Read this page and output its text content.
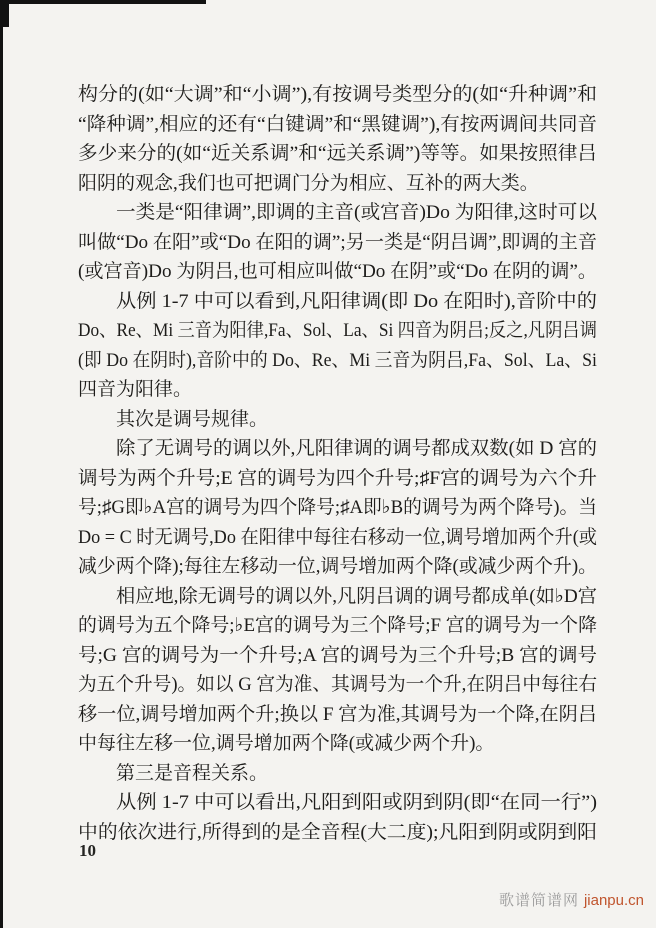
构分的(如“大调”和“小调”),有按调号类型分的(如“升种调”和
“降种调”,相应的还有“白键调”和“黑键调”),有按两调间共同音
多少来分的(如“近关系调”和“远关系调”)等等。如果按照律吕
阳阴的观念,我们也可把调门分为相应、互补的两大类。
一类是“阳律调”,即调的主音(或宫音)Do 为阳律,这时可以
叫做“Do 在阳”或“Do 在阳的调”;另一类是“阴吕调”,即调的主音
(或宫音)Do 为阴吕,也可相应叫做“Do 在阴”或“Do 在阴的调”。
从例 1-7 中可以看到,凡阳律调(即 Do 在阳时),音阶中的
Do、Re、Mi 三音为阳律,Fa、Sol、La、Si 四音为阴吕;反之,凡阴吕调
(即 Do 在阴时),音阶中的 Do、Re、Mi 三音为阴吕,Fa、Sol、La、Si
四音为阳律。
其次是调号规律。
除了无调号的调以外,凡阳律调的调号都成双数(如 D 宫的
调号为两个升号;E 宫的调号为四个升号;♯F宫的调号为六个升
号;♯G即♭A宫的调号为四个降号;♯A即♭B的调号为两个降号)。当
Do = C 时无调号,Do 在阳律中每往右移动一位,调号增加两个升(或
减少两个降);每往左移动一位,调号增加两个降(或减少两个升)。
相应地,除无调号的调以外,凡阴吕调的调号都成单(如♭D宫
的调号为五个降号;♭E宫的调号为三个降号;F 宫的调号为一个降
号;G 宫的调号为一个升号;A 宫的调号为三个升号;B 宫的调号
为五个升号)。如以 G 宫为准、其调号为一个升,在阴吕中每往右
移一位,调号增加两个升;换以 F 宫为准,其调号为一个降,在阴吕
中每往左移一位,调号增加两个降(或减少两个升)。
第三是音程关系。
从例 1-7 中可以看出,凡阳到阳或阴到阴(即“在同一行”)
中的依次进行,所得到的是全音程(大二度);凡阳到阴或阴到阳
10
歌谱简谱网 jianpu.cn
